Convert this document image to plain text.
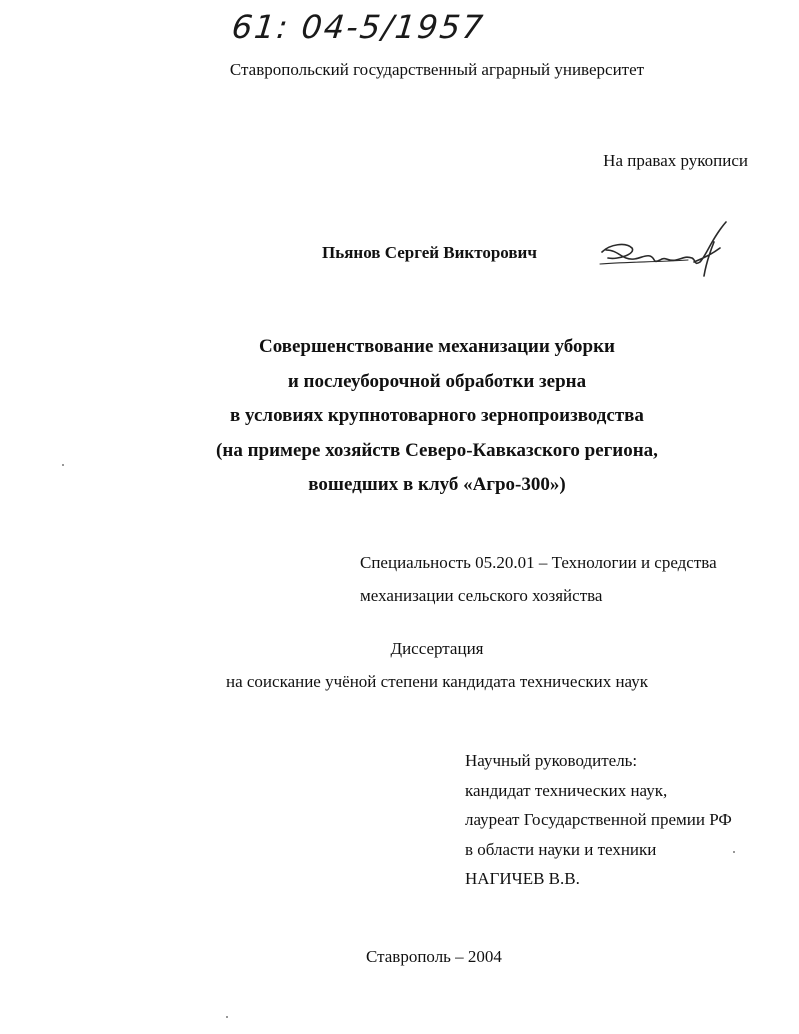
61: 04-5/1957
Ставропольский государственный аграрный университет
На правах рукописи
Пьянов Сергей Викторович
Совершенствование механизации уборки
и послеуборочной обработки зерна
в условиях крупнотоварного зернопроизводства
(на примере хозяйств Северо-Кавказского региона,
вошедших в клуб «Агро-300»)
Специальность 05.20.01 – Технологии и средства
механизации сельского хозяйства
Диссертация
на соискание учёной степени кандидата технических наук
Научный руководитель:
кандидат технических наук,
лауреат Государственной премии РФ
в области науки и техники
НАГИЧЕВ В.В.
Ставрополь – 2004
